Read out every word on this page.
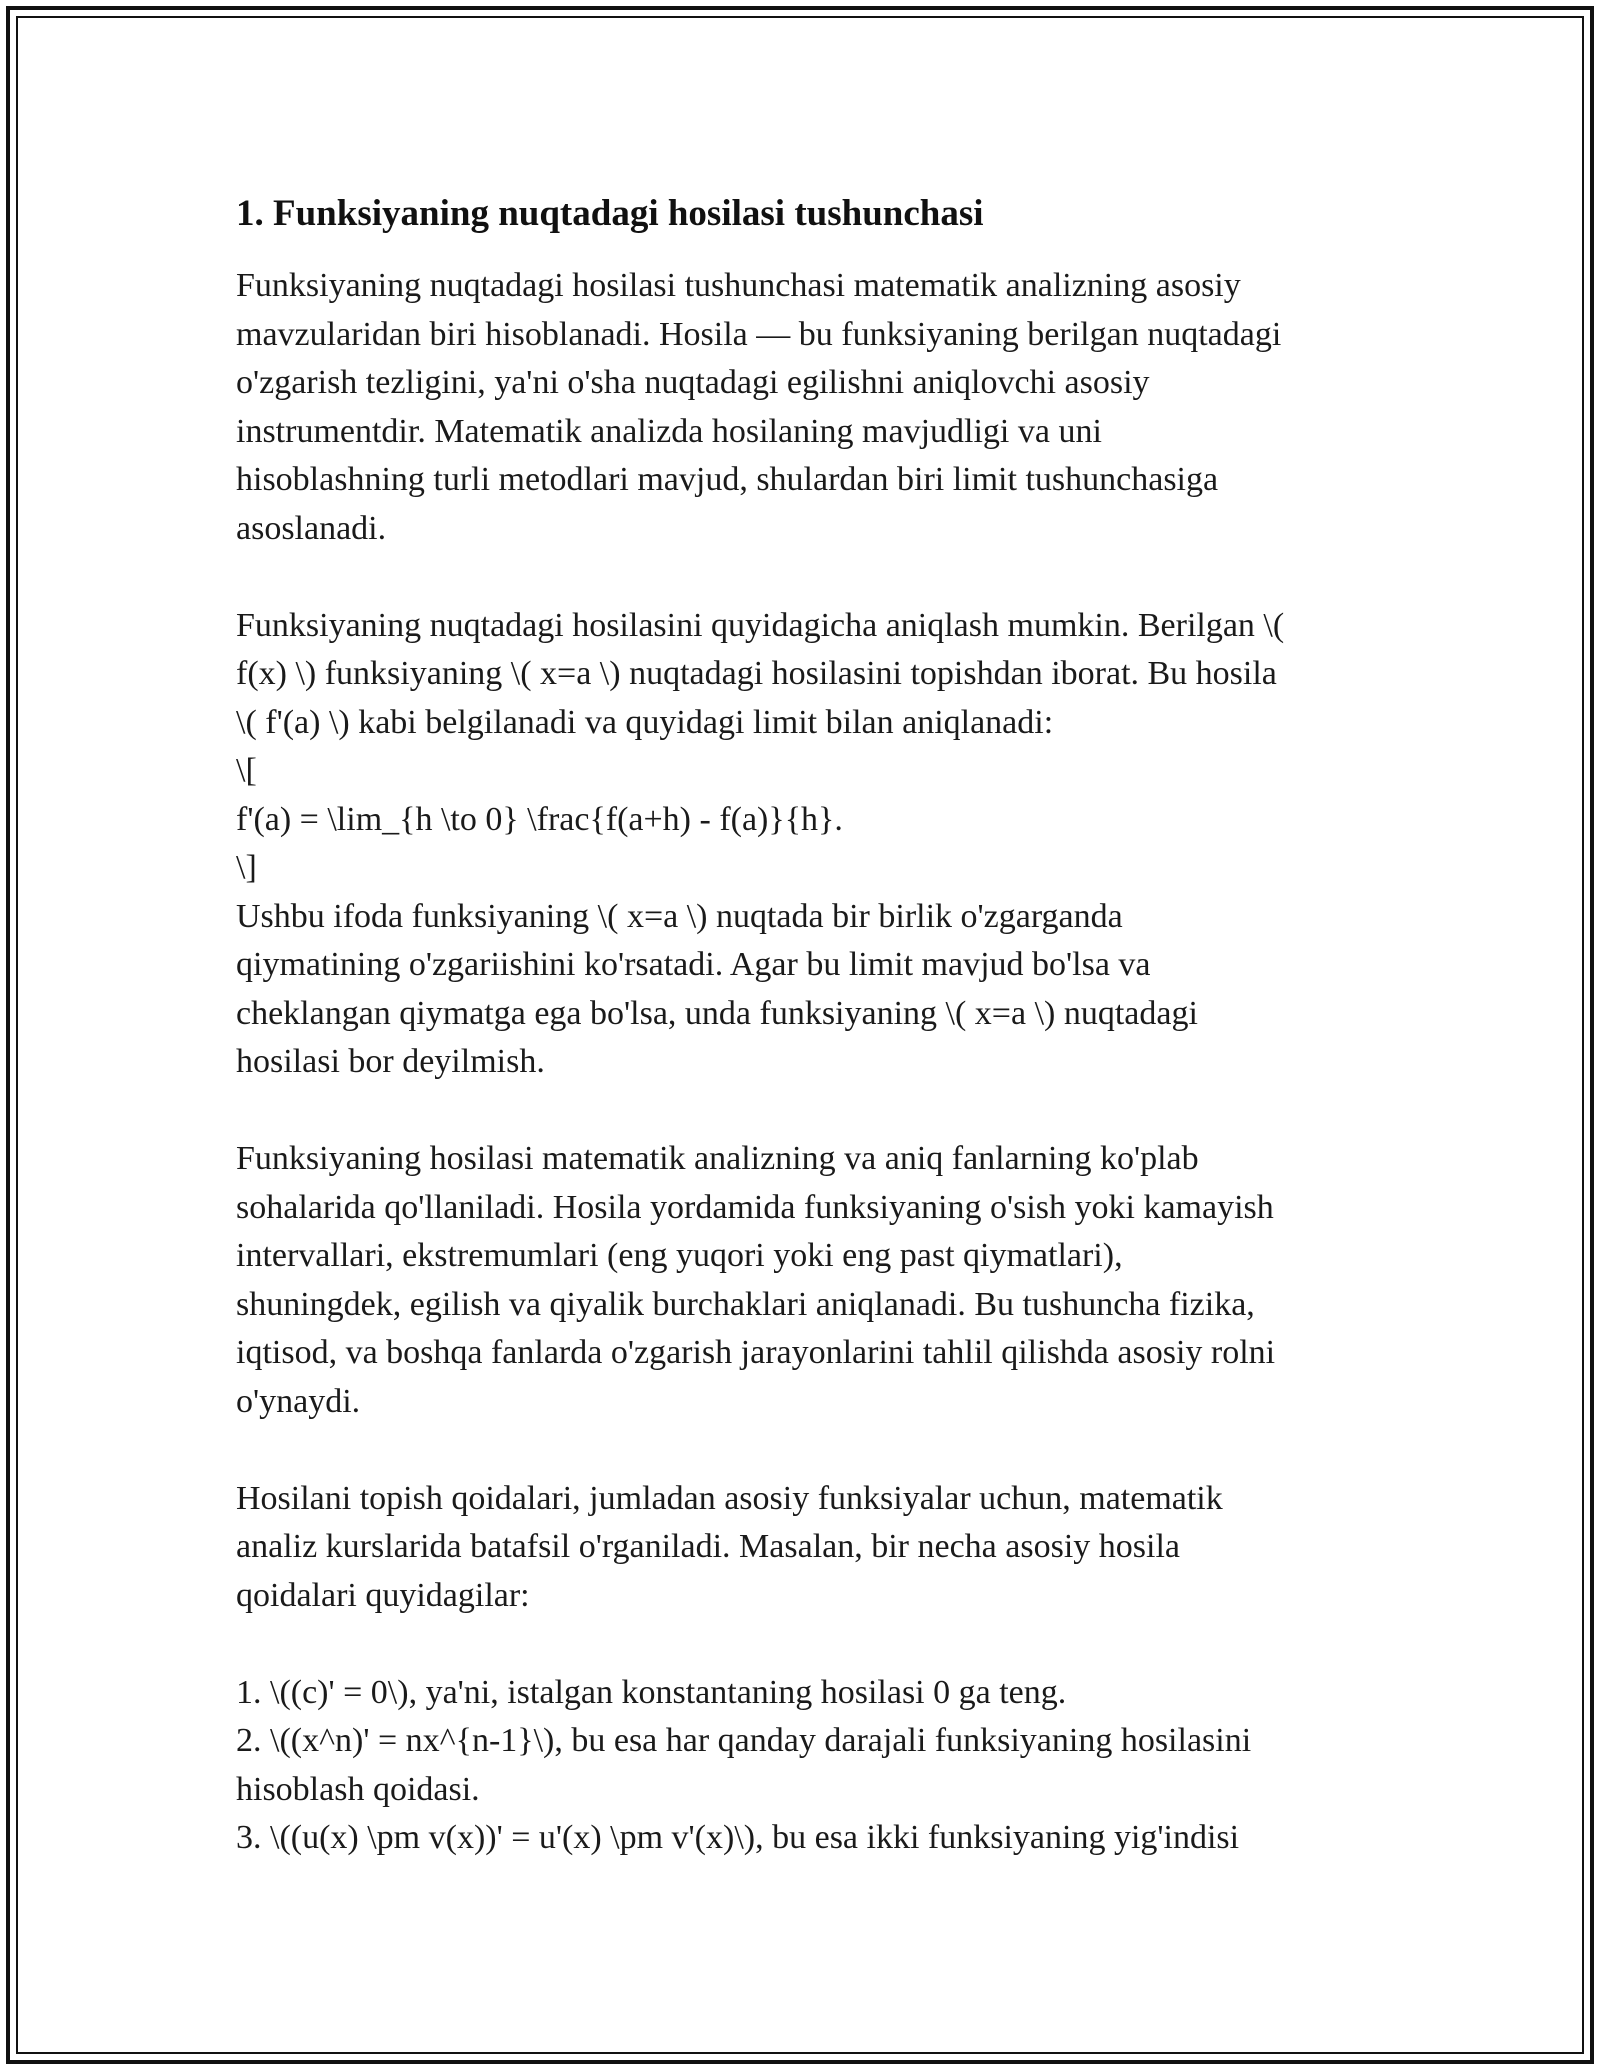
1. Funksiyaning nuqtadagi hosilasi tushunchasi
Funksiyaning nuqtadagi hosilasi tushunchasi matematik analizning asosiy
mavzularidan biri hisoblanadi. Hosila — bu funksiyaning berilgan nuqtadagi
o'zgarish tezligini, ya'ni o'sha nuqtadagi egilishni aniqlovchi asosiy
instrumentdir. Matematik analizda hosilaning mavjudligi va uni
hisoblashning turli metodlari mavjud, shulardan biri limit tushunchasiga
asoslanadi.
Funksiyaning nuqtadagi hosilasini quyidagicha aniqlash mumkin. Berilgan \(
f(x) \) funksiyaning \( x=a \) nuqtadagi hosilasini topishdan iborat. Bu hosila
\( f'(a) \) kabi belgilanadi va quyidagi limit bilan aniqlanadi:
\[
f'(a) = \lim_{h \to 0} \frac{f(a+h) - f(a)}{h}.
\]
Ushbu ifoda funksiyaning \( x=a \) nuqtada bir birlik o'zgarganda
qiymatining o'zgariishini ko'rsatadi. Agar bu limit mavjud bo'lsa va
cheklangan qiymatga ega bo'lsa, unda funksiyaning \( x=a \) nuqtadagi
hosilasi bor deyilmish.
Funksiyaning hosilasi matematik analizning va aniq fanlarning ko'plab
sohalarida qo'llaniladi. Hosila yordamida funksiyaning o'sish yoki kamayish
intervallari, ekstremumlari (eng yuqori yoki eng past qiymatlari),
shuningdek, egilish va qiyalik burchaklari aniqlanadi. Bu tushuncha fizika,
iqtisod, va boshqa fanlarda o'zgarish jarayonlarini tahlil qilishda asosiy rolni
o'ynaydi.
Hosilani topish qoidalari, jumladan asosiy funksiyalar uchun, matematik
analiz kurslarida batafsil o'rganiladi. Masalan, bir necha asosiy hosila
qoidalari quyidagilar:
1. \((c)' = 0\), ya'ni, istalgan konstantaning hosilasi 0 ga teng.
2. \((x^n)' = nx^{n-1}\), bu esa har qanday darajali funksiyaning hosilasini
hisoblash qoidasi.
3. \((u(x) \pm v(x))' = u'(x) \pm v'(x)\), bu esa ikki funksiyaning yig'indisi
